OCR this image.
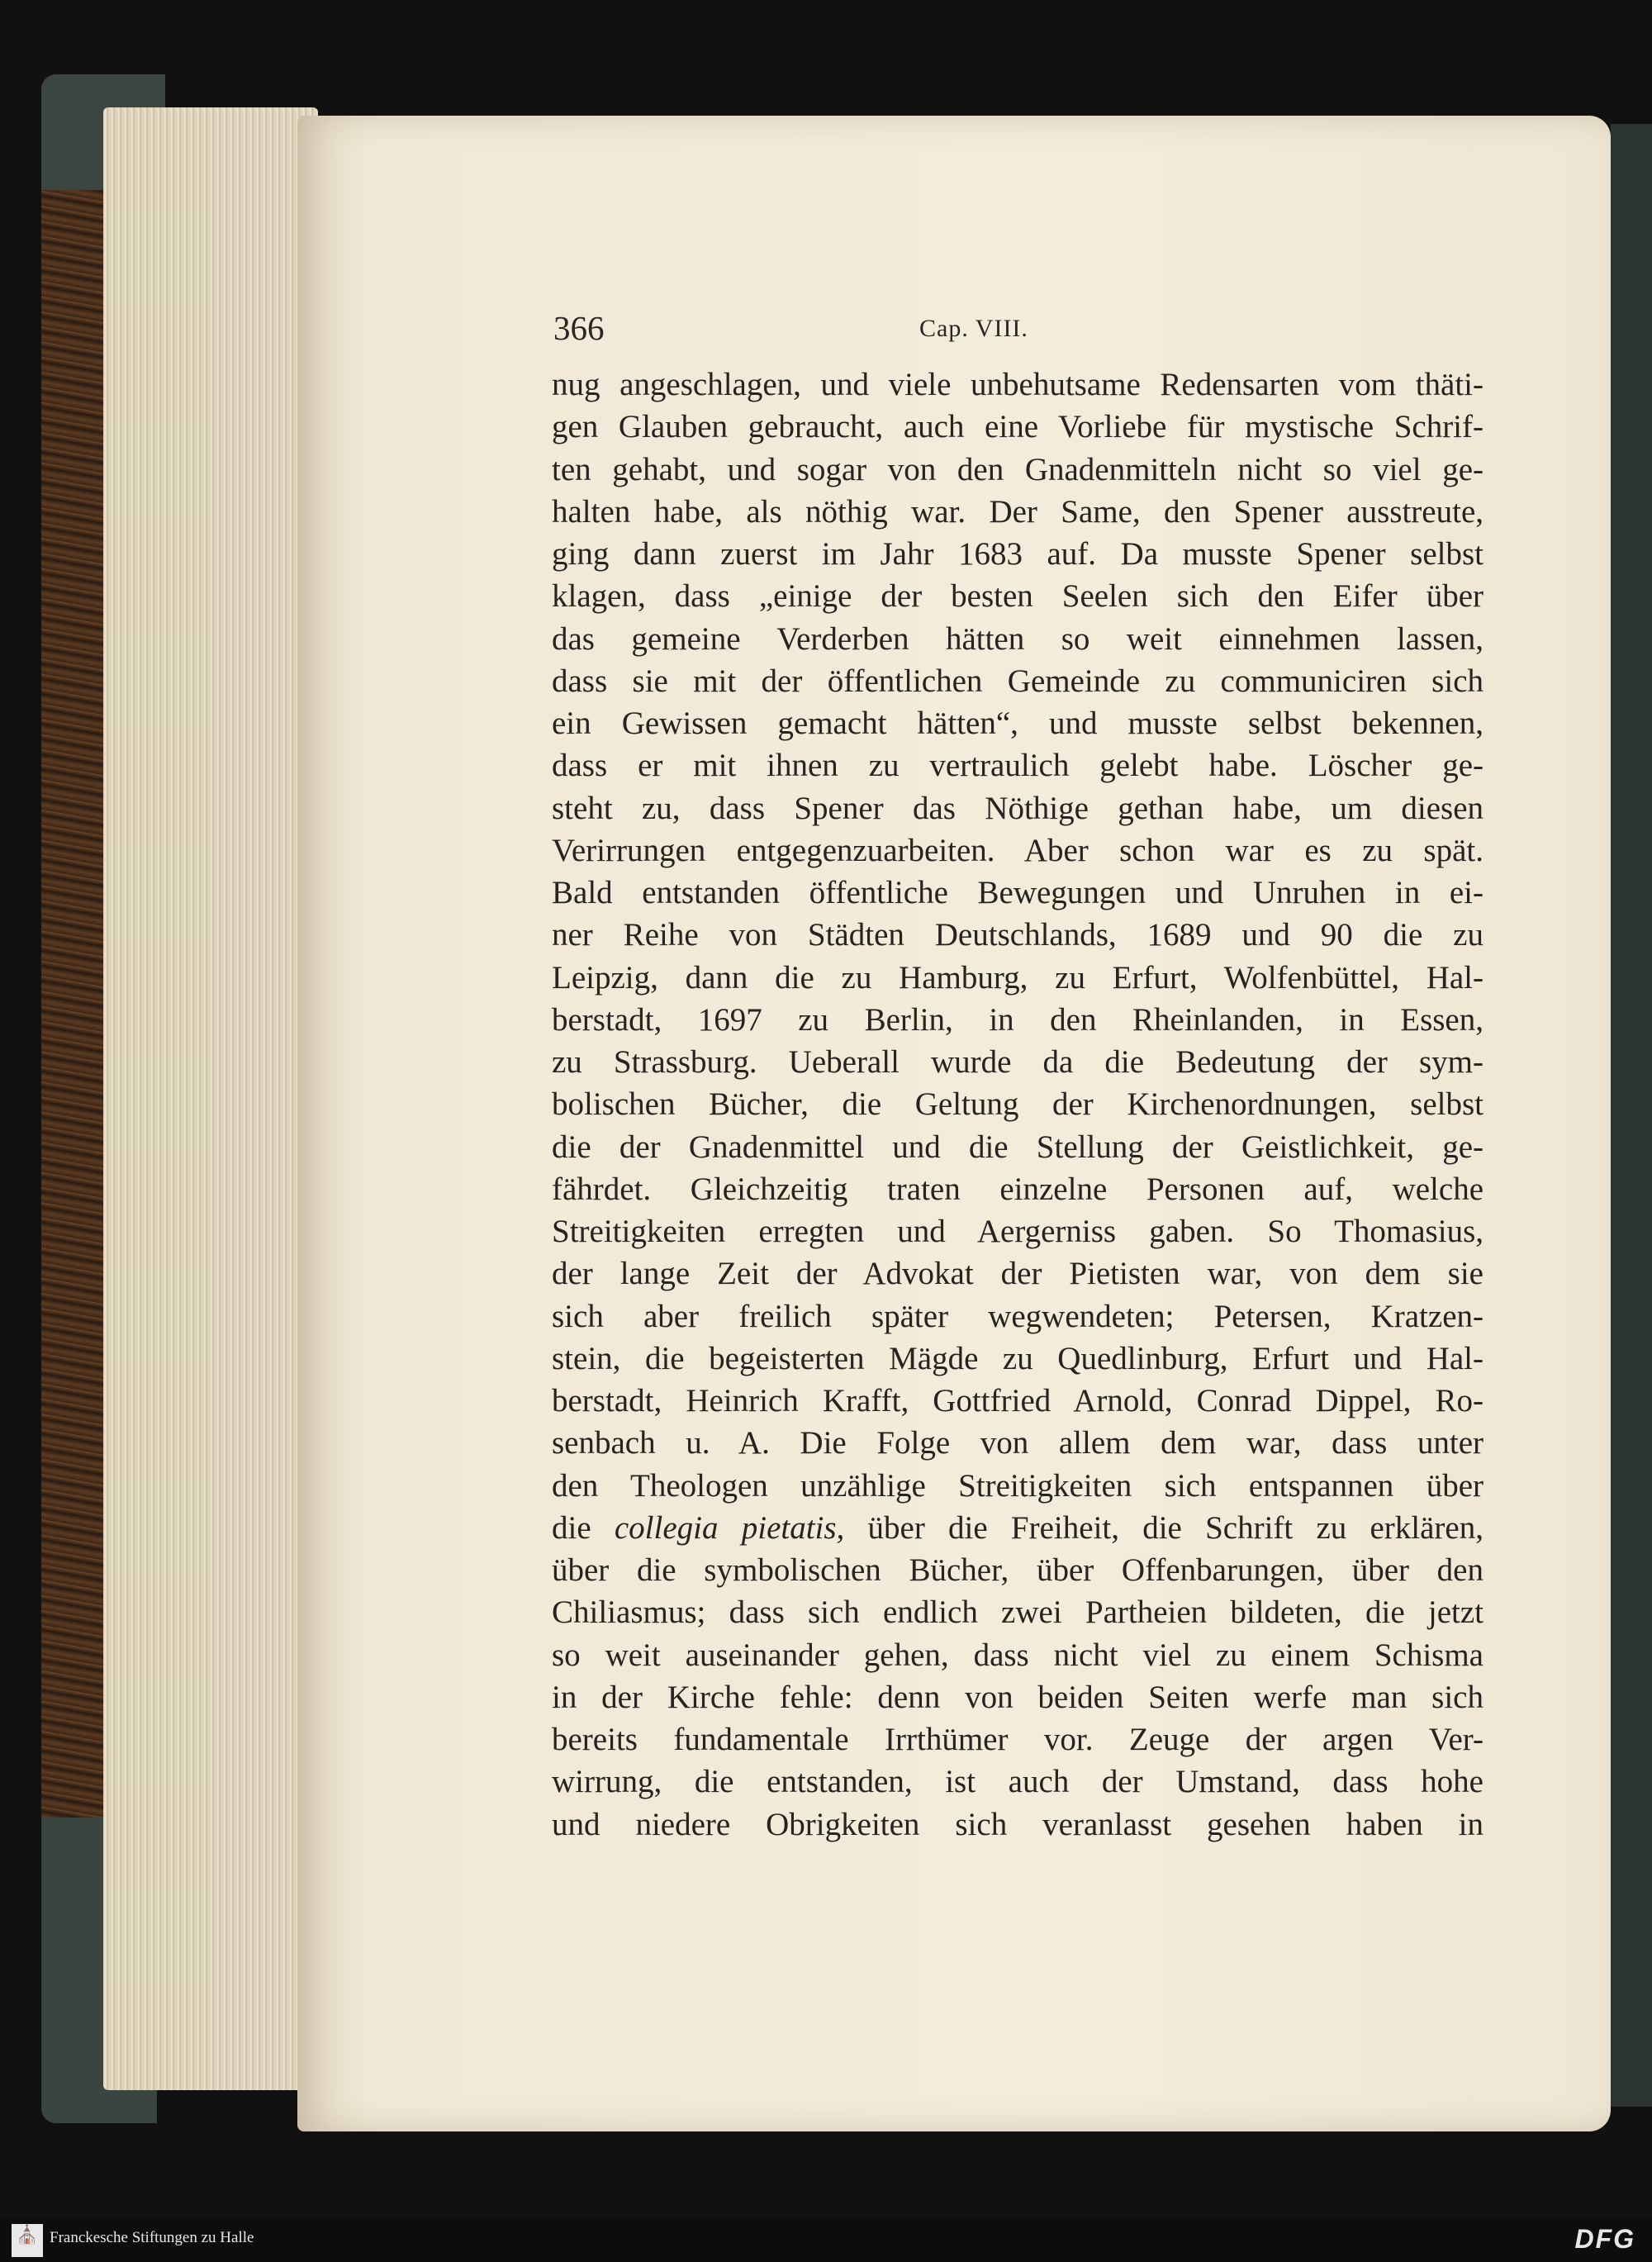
366	Cap. VIII.
nug angeschlagen, und viele unbehutsame Redensarten vom thäti-
gen Glauben gebraucht, auch eine Vorliebe für mystische Schrif-
ten gehabt, und sogar von den Gnadenmitteln nicht so viel ge-
halten habe, als nöthig war. Der Same, den Spener ausstreute,
ging dann zuerst im Jahr 1683 auf. Da musste Spener selbst
klagen, dass „einige der besten Seelen sich den Eifer über
das gemeine Verderben hätten so weit einnehmen lassen,
dass sie mit der öffentlichen Gemeinde zu communiciren sich
ein Gewissen gemacht hätten“, und musste selbst bekennen,
dass er mit ihnen zu vertraulich gelebt habe. Löscher ge-
steht zu, dass Spener das Nöthige gethan habe, um diesen
Verirrungen entgegenzuarbeiten. Aber schon war es zu spät.
Bald entstanden öffentliche Bewegungen und Unruhen in ei-
ner Reihe von Städten Deutschlands, 1689 und 90 die zu
Leipzig, dann die zu Hamburg, zu Erfurt, Wolfenbüttel, Hal-
berstadt, 1697 zu Berlin, in den Rheinlanden, in Essen,
zu Strassburg. Ueberall wurde da die Bedeutung der sym-
bolischen Bücher, die Geltung der Kirchenordnungen, selbst
die der Gnadenmittel und die Stellung der Geistlichkeit, ge-
fährdet. Gleichzeitig traten einzelne Personen auf, welche
Streitigkeiten erregten und Aergerniss gaben. So Thomasius,
der lange Zeit der Advokat der Pietisten war, von dem sie
sich aber freilich später wegwendeten; Petersen, Kratzen-
stein, die begeisterten Mägde zu Quedlinburg, Erfurt und Hal-
berstadt, Heinrich Krafft, Gottfried Arnold, Conrad Dippel, Ro-
senbach u. A. Die Folge von allem dem war, dass unter
den Theologen unzählige Streitigkeiten sich entspannen über
die collegia pietatis, über die Freiheit, die Schrift zu erklären,
über die symbolischen Bücher, über Offenbarungen, über den
Chiliasmus; dass sich endlich zwei Partheien bildeten, die jetzt
so weit auseinander gehen, dass nicht viel zu einem Schisma
in der Kirche fehle: denn von beiden Seiten werfe man sich
bereits fundamentale Irrthümer vor. Zeuge der argen Ver-
wirrung, die entstanden, ist auch der Umstand, dass hohe
und niedere Obrigkeiten sich veranlasst gesehen haben in
⛪ Franckesche Stiftungen zu Halle	DFG
